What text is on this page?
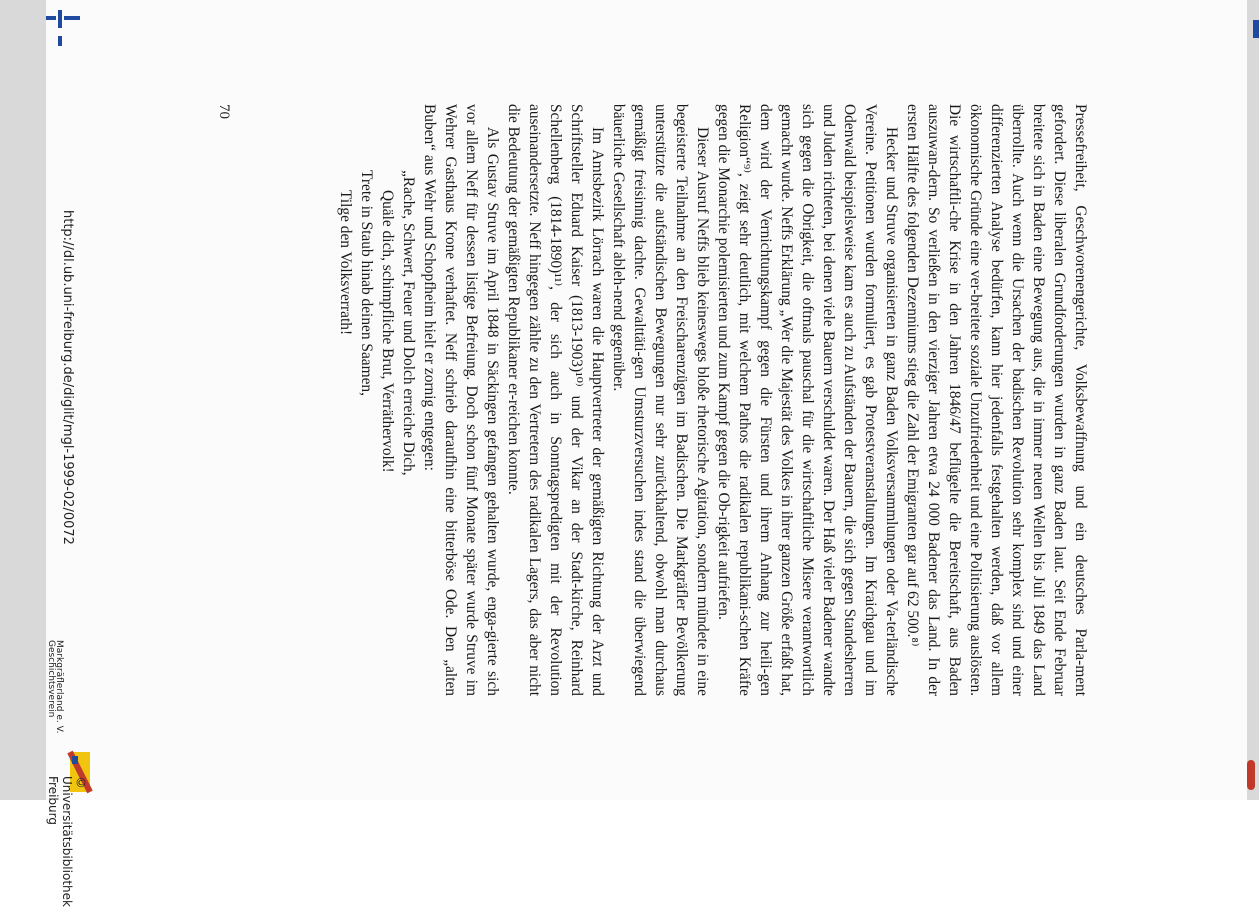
http://dl.ub.uni-freiburg.de/diglit/mgl-1999-02/0072
Geschichtsverein
Markgräflerland e. V.
© Universitätsbibliothek Freiburg
70	Pressefreiheit, Geschworenengerichte, Volksbewaffnung und ein deutsches Parla-ment gefordert. Diese liberalen Grundforderungen wurden in ganz Baden laut. Seit Ende Februar breitete sich in Baden eine Bewegung aus, die in immer neuen Wellen bis Juli 1849 das Land überrollte. Auch wenn die Ursachen der badischen Revolution sehr komplex sind und einer differenzierten Analyse bedürfen, kann hier jedenfalls festgehalten werden, daß vor allem ökonomische Gründe eine ver-breitete soziale Unzufriedenheit und eine Politisierung auslösten. Die wirtschaftli-che Krise in den Jahren 1846/47 beflügelte die Bereitschaft, aus Baden auszuwan-dern. So verließen in den vierziger Jahren etwa 24 000 Badener das Land. In der ersten Hälfte des folgenden Dezenniums stieg die Zahl der Emigranten gar auf 62 500.⁸⁾

Hecker und Struve organisierten in ganz Baden Volksversammlungen oder Va-terländische Vereine. Petitionen wurden formuliert, es gab Protestveranstaltungen. Im Kraichgau und im Odenwald beispielsweise kam es auch zu Aufständen der Bauern, die sich gegen Standesherren und Juden richteten, bei denen viele Bauern verschuldet waren. Der Haß vieler Badener wandte sich gegen die Obrigkeit, die oftmals pauschal für die wirtschaftliche Misere verantwortlich gemacht wurde. Neffs Erklärung „Wer die Majestät des Volkes in ihrer ganzen Größe erfaßt hat, dem wird der Vernichtungskampf gegen die Fürsten und ihrem Anhang zur heili-gen Religion“⁹⁾, zeigt sehr deutlich, mit welchem Pathos die radikalen republikani-schen Kräfte gegen die Monarchie polemisierten und zum Kampf gegen die Ob-rigkeit aufriefen.

Dieser Ausruf Neffs blieb keineswegs bloße rhetorische Agitation, sondern mündete in eine begeisterte Teilnahme an den Freischarenzügen im Badischen. Die Markgräfler Bevölkerung unterstützte die aufständischen Bewegungen nur sehr zurückhaltend, obwohl man durchaus gemäßigt freisinnig dachte. Gewalttäti-gen Umsturzversuchen indes stand die überwiegend bäuerliche Gesellschaft ableh-nend gegenüber.

Im Amtsbezirk Lörrach waren die Hauptvertreter der gemäßigten Richtung der Arzt und Schriftsteller Eduard Kaiser (1813-1903)¹⁰⁾ und der Vikar an der Stadt-kirche, Reinhard Schellenberg (1814-1890)¹¹⁾, der sich auch in Sonntagspredigten mit der Revolution auseinandersetzte. Neff hingegen zählte zu den Vertretern des radikalen Lagers, das aber nicht die Bedeutung der gemäßigten Republikaner er-reichen konnte.

Als Gustav Struve im April 1848 in Säckingen gefangen gehalten wurde, enga-gierte sich vor allem Neff für dessen listige Befreiung. Doch schon fünf Monate später wurde Struve im Wehrer Gasthaus Krone verhaftet. Neff schrieb daraufhin eine bitterböse Ode. Den „alten Buben“ aus Wehr und Schopfheim hielt er zornig entgegen:

„Rache, Schwert, Feuer und Dolch erreiche Dich,
Quäle dich, schimpfliche Brut, Verräthervolk!
Trete in Staub hinab deinen Saamen,
Tilge den Volksverrath!
